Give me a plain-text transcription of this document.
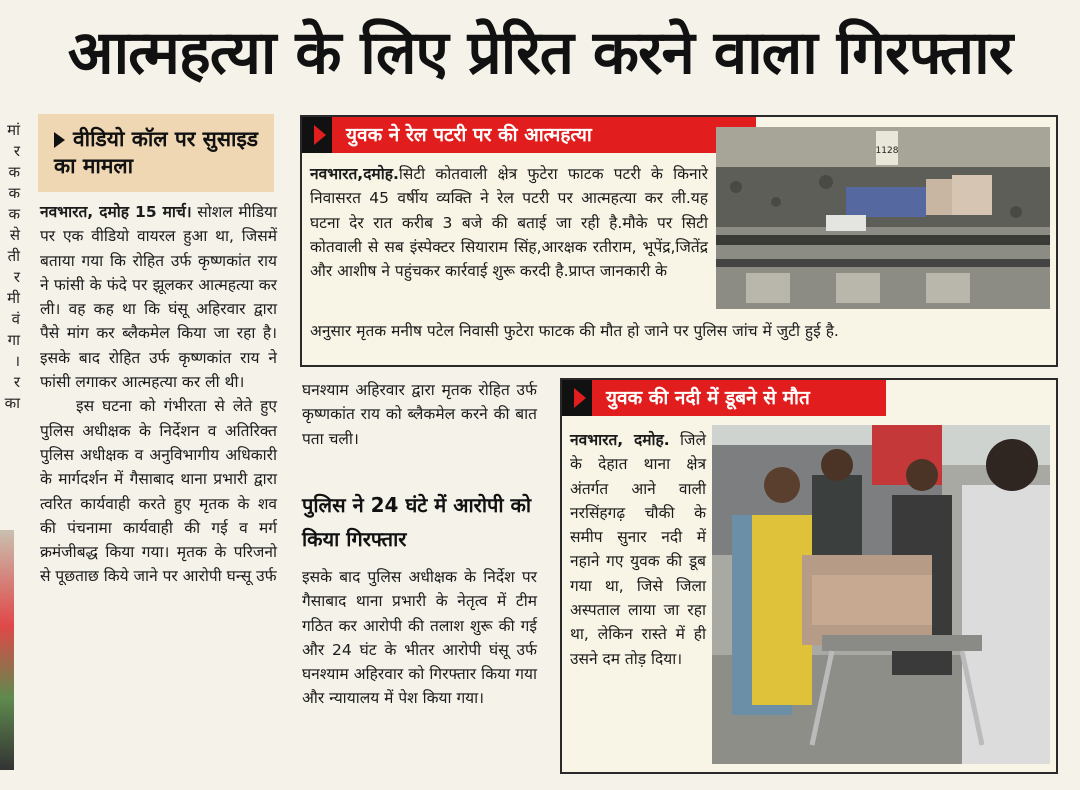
आत्महत्या के लिए प्रेरित करने वाला गिरफ्तार
मां
र
क
क
क
से
ती
र
मी
वं
गा
।
र
का
वीडियो कॉल पर सुसाइड का मामला

नवभारत, दमोह 15 मार्च। सोशल मीडिया पर एक वीडियो वायरल हुआ था, जिसमें बताया गया कि रोहित उर्फ कृष्णकांत राय ने फांसी के फंदे पर झूलकर आत्महत्या कर ली। वह कह था कि घंसू अहिरवार द्वारा पैसे मांग कर ब्लैकमेल किया जा रहा है। इसके बाद रोहित उर्फ कृष्णकांत राय ने फांसी लगाकर आत्महत्या कर ली थी।

इस घटना को गंभीरता से लेते हुए पुलिस अधीक्षक के निर्देशन व अतिरिक्त पुलिस अधीक्षक व अनुविभागीय अधिकारी के मार्गदर्शन में गैसाबाद थाना प्रभारी द्वारा त्वरित कार्यवाही करते हुए मृतक के शव की पंचनामा कार्यवाही की गई व मर्ग क्रमंजीबद्ध किया गया। मृतक के परिजनो से पूछताछ किये जाने पर आरोपी घन्सू उर्फ

घनश्याम अहिरवार द्वारा मृतक रोहित उर्फ कृष्णकांत राय को ब्लैकमेल करने की बात पता चली।

पुलिस ने 24 घंटे में आरोपी को किया गिरफ्तार

इसके बाद पुलिस अधीक्षक के निर्देश पर गैसाबाद थाना प्रभारी के नेतृत्व में टीम गठित कर आरोपी की तलाश शुरू की गई और 24 घंट के भीतर आरोपी घंसू उर्फ घनश्याम अहिरवार को गिरफ्तार किया गया और न्यायालय में पेश किया गया।

युवक ने रेल पटरी पर की आत्महत्या
नवभारत,दमोह.सिटी कोतवाली क्षेत्र फुटेरा फाटक पटरी के किनारे निवासरत 45 वर्षीय व्यक्ति ने रेल पटरी पर आत्महत्या कर ली.यह घटना देर रात करीब 3 बजे की बताई जा रही है.मौके पर सिटी कोतवाली से सब इंस्पेक्टर सियाराम सिंह,आरक्षक रतीराम, भूपेंद्र,जितेंद्र और आशीष ने पहुंचकर कार्रवाई शुरू करदी है.प्राप्त जानकारी के
अनुसार मृतक मनीष पटेल निवासी फुटेरा फाटक की मौत हो जाने पर पुलिस जांच में जुटी हुई है.
1128
युवक की नदी में डूबने से मौत
नवभारत, दमोह. जिले के देहात थाना क्षेत्र अंतर्गत आने वाली नरसिंहगढ़ चौकी के समीप सुनार नदी में नहाने गए युवक की डूब गया था, जिसे जिला अस्पताल लाया जा रहा था, लेकिन रास्ते में ही उसने दम तोड़ दिया।
